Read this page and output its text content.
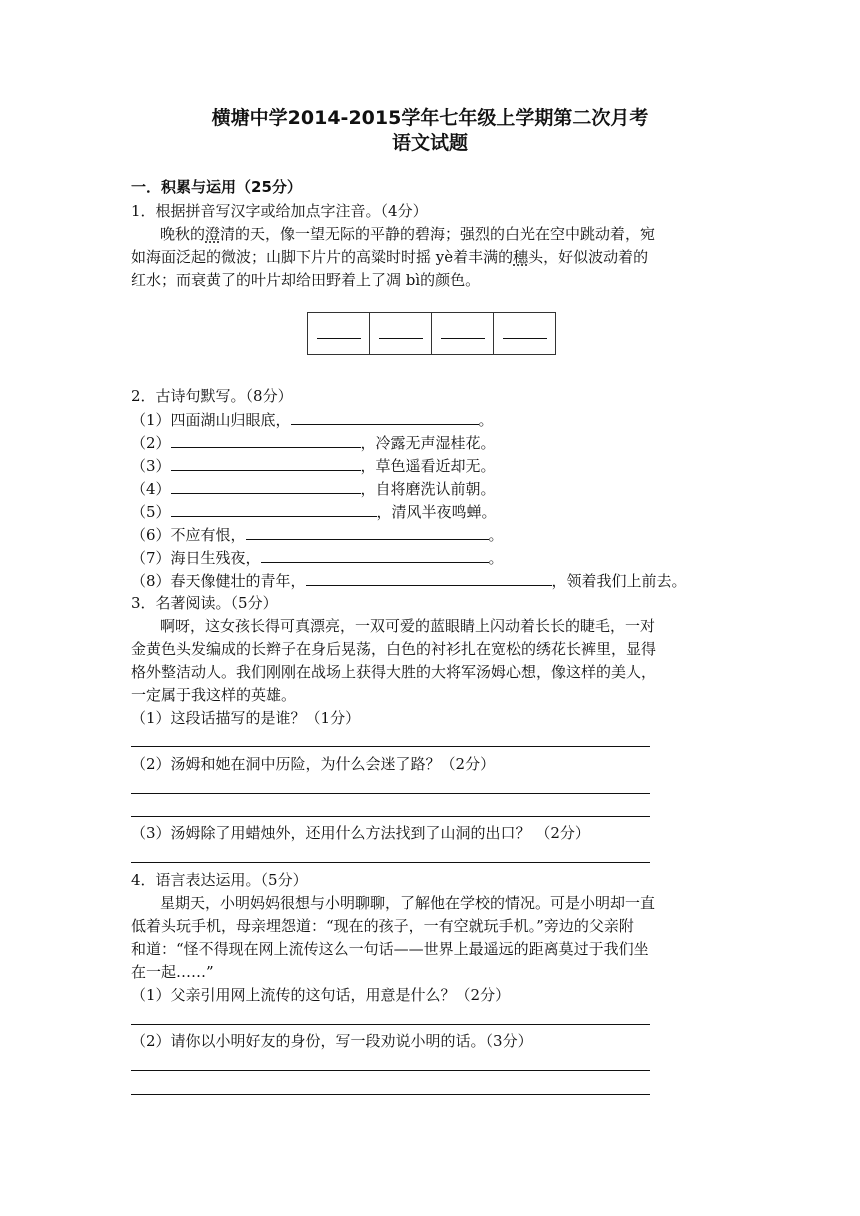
横塘中学2014-2015学年七年级上学期第二次月考
语文试题
一．积累与运用（25分）
1．根据拼音写汉字或给加点字注音。（4分）
晚秋的澄清的天，像一望无际的平静的碧海；强烈的白光在空中跳动着，宛
如海面泛起的微波；山脚下片片的高粱时时摇 yè着丰满的穗头，好似波动着的
红水；而衰黄了的叶片却给田野着上了凋 bì的颜色。

2．古诗句默写。（8分）
（1）四面湖山归眼底，	。
（2）	，冷露无声湿桂花。
（3）	，草色遥看近却无。
（4）	，自将磨洗认前朝。
（5）	，清风半夜鸣蝉。
（6）不应有恨，	。
（7）海日生残夜，	。
（8）春天像健壮的青年，	，领着我们上前去。
3．名著阅读。（5分）
啊呀，这女孩长得可真漂亮，一双可爱的蓝眼睛上闪动着长长的睫毛，一对
金黄色头发编成的长辫子在身后晃荡，白色的衬衫扎在宽松的绣花长裤里，显得
格外整洁动人。我们刚刚在战场上获得大胜的大将军汤姆心想，像这样的美人，
一定属于我这样的英雄。
（1）这段话描写的是谁？（1分）
（2）汤姆和她在洞中历险，为什么会迷了路？（2分）
（3）汤姆除了用蜡烛外，还用什么方法找到了山洞的出口？ （2分）
4．语言表达运用。（5分）
星期天，小明妈妈很想与小明聊聊，了解他在学校的情况。可是小明却一直
低着头玩手机，母亲埋怨道：“现在的孩子，一有空就玩手机。”旁边的父亲附
和道：“怪不得现在网上流传这么一句话——世界上最遥远的距离莫过于我们坐
在一起……”
（1）父亲引用网上流传的这句话，用意是什么？（2分）
（2）请你以小明好友的身份，写一段劝说小明的话。（3分）
